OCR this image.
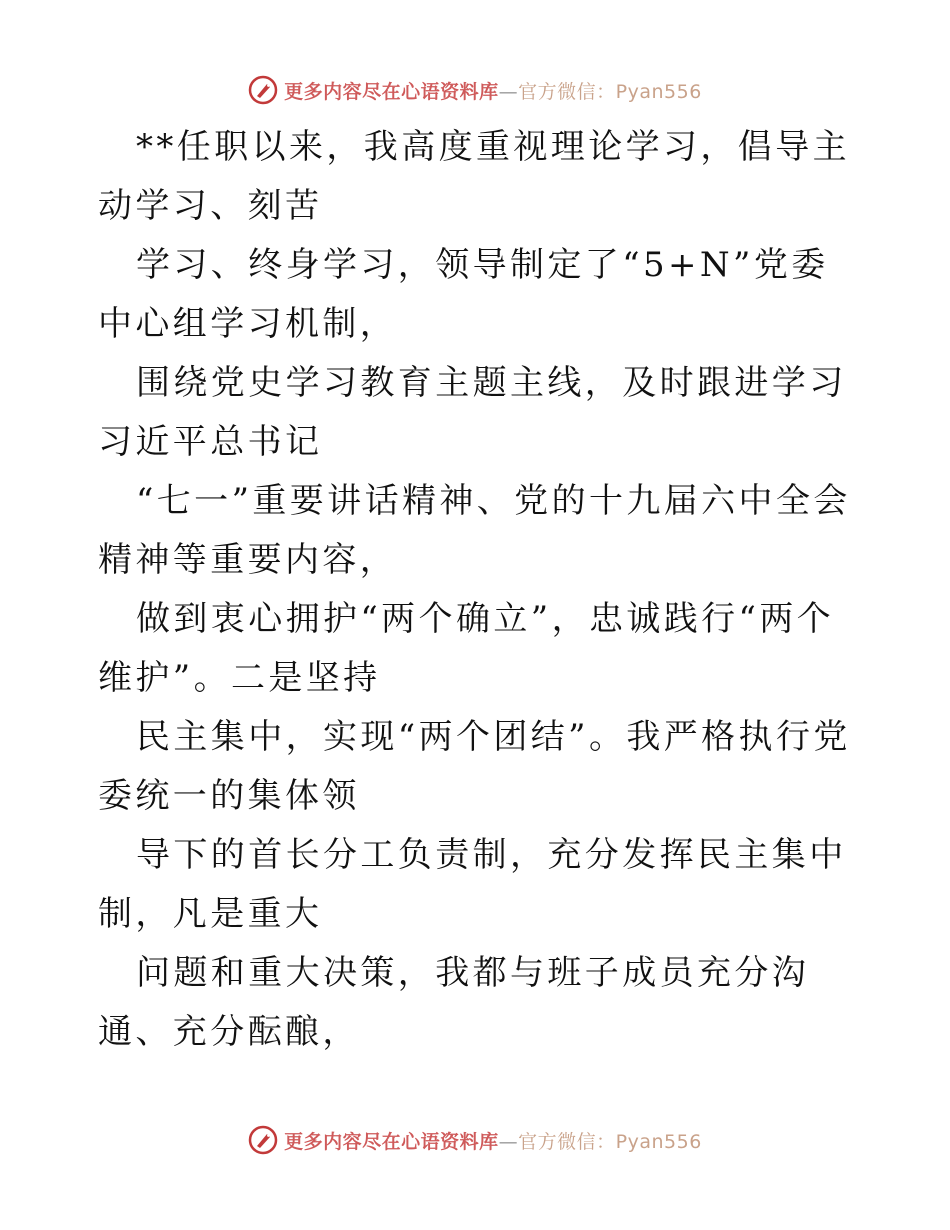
更多内容尽在心语资料库—官方微信：Pyan556

**任职以来，我高度重视理论学习，倡导主动学习、刻苦

学习、终身学习，领导制定了“5+N”党委中心组学习机制，

围绕党史学习教育主题主线，及时跟进学习习近平总书记

“七一”重要讲话精神、党的十九届六中全会精神等重要内容，

做到衷心拥护“两个确立”，忠诚践行“两个维护”。二是坚持

民主集中，实现“两个团结”。我严格执行党委统一的集体领

导下的首长分工负责制，充分发挥民主集中制，凡是重大

问题和重大决策，我都与班子成员充分沟通、充分酝酿，

更多内容尽在心语资料库—官方微信：Pyan556
